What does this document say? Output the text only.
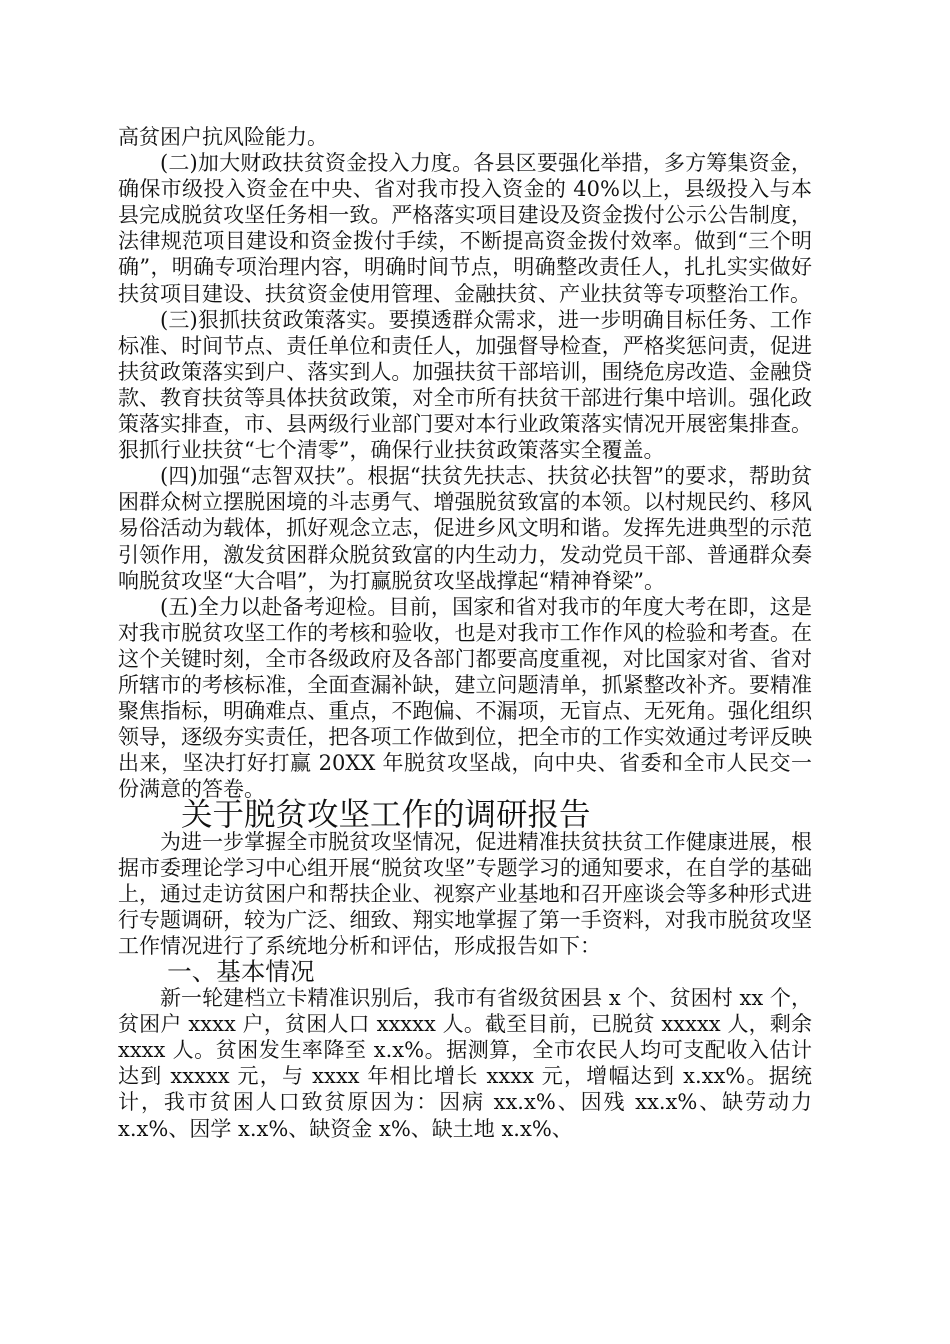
高贫困户抗风险能力。

(二)加大财政扶贫资金投入力度。各县区要强化举措，多方筹集资金，确保市级投入资金在中央、省对我市投入资金的 40%以上，县级投入与本县完成脱贫攻坚任务相一致。严格落实项目建设及资金拨付公示公告制度，法律规范项目建设和资金拨付手续，不断提高资金拨付效率。做到“三个明确”，明确专项治理内容，明确时间节点，明确整改责任人，扎扎实实做好扶贫项目建设、扶贫资金使用管理、金融扶贫、产业扶贫等专项整治工作。

(三)狠抓扶贫政策落实。要摸透群众需求，进一步明确目标任务、工作标准、时间节点、责任单位和责任人，加强督导检查，严格奖惩问责，促进扶贫政策落实到户、落实到人。加强扶贫干部培训，围绕危房改造、金融贷款、教育扶贫等具体扶贫政策，对全市所有扶贫干部进行集中培训。强化政策落实排查，市、县两级行业部门要对本行业政策落实情况开展密集排查。狠抓行业扶贫“七个清零”，确保行业扶贫政策落实全覆盖。

(四)加强“志智双扶”。根据“扶贫先扶志、扶贫必扶智”的要求，帮助贫困群众树立摆脱困境的斗志勇气、增强脱贫致富的本领。以村规民约、移风易俗活动为载体，抓好观念立志，促进乡风文明和谐。发挥先进典型的示范引领作用，激发贫困群众脱贫致富的内生动力，发动党员干部、普通群众奏响脱贫攻坚“大合唱”，为打赢脱贫攻坚战撑起“精神脊梁”。

(五)全力以赴备考迎检。目前，国家和省对我市的年度大考在即，这是对我市脱贫攻坚工作的考核和验收，也是对我市工作作风的检验和考查。在这个关键时刻，全市各级政府及各部门都要高度重视，对比国家对省、省对所辖市的考核标准，全面查漏补缺，建立问题清单，抓紧整改补齐。要精准聚焦指标，明确难点、重点，不跑偏、不漏项，无盲点、无死角。强化组织领导，逐级夯实责任，把各项工作做到位，把全市的工作实效通过考评反映出来，坚决打好打赢 20XX 年脱贫攻坚战，向中央、省委和全市人民交一份满意的答卷。

关于脱贫攻坚工作的调研报告

为进一步掌握全市脱贫攻坚情况，促进精准扶贫扶贫工作健康进展，根据市委理论学习中心组开展“脱贫攻坚”专题学习的通知要求，在自学的基础上，通过走访贫困户和帮扶企业、视察产业基地和召开座谈会等多种形式进行专题调研，较为广泛、细致、翔实地掌握了第一手资料，对我市脱贫攻坚工作情况进行了系统地分析和评估，形成报告如下：

一、基本情况

新一轮建档立卡精准识别后，我市有省级贫困县 x 个、贫困村 xx 个，贫困户 xxxx 户，贫困人口 xxxxx 人。截至目前，已脱贫 xxxxx 人，剩余 xxxx 人。贫困发生率降至 x.x%。据测算，全市农民人均可支配收入估计达到 xxxxx 元，与 xxxx 年相比增长 xxxx 元，增幅达到 x.xx%。据统计，我市贫困人口致贫原因为：因病 xx.x%、因残 xx.x%、缺劳动力 x.x%、因学 x.x%、缺资金 x%、缺土地 x.x%、
